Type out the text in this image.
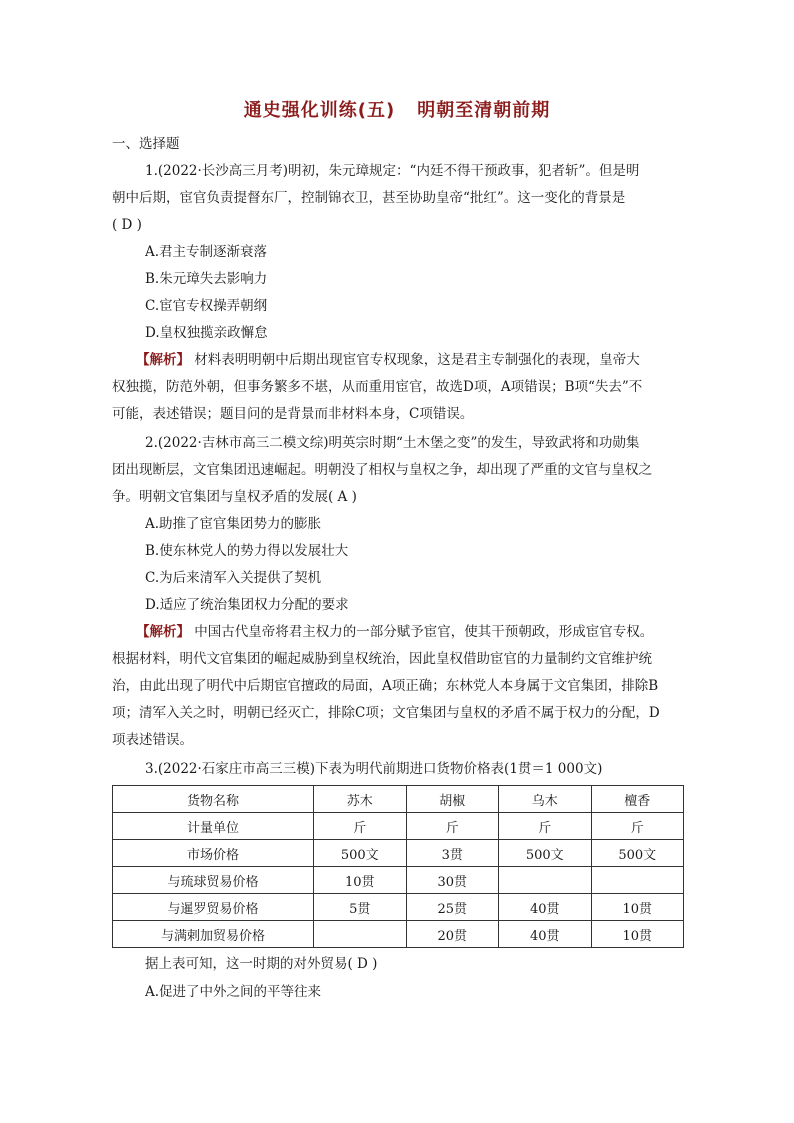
通史强化训练(五) 明朝至清朝前期
一、选择题
1.(2022·长沙高三月考)明初，朱元璋规定：“内廷不得干预政事，犯者斩”。但是明
朝中后期，宦官负责提督东厂，控制锦衣卫，甚至协助皇帝“批红”。这一变化的背景是
( D )
A.君主专制逐渐衰落
B.朱元璋失去影响力
C.宦官专权操弄朝纲
D.皇权独揽亲政懈怠
【解析】 材料表明明朝中后期出现宦官专权现象，这是君主专制强化的表现，皇帝大
权独揽，防范外朝，但事务繁多不堪，从而重用宦官，故选D项，A项错误；B项“失去”不
可能，表述错误；题目问的是背景而非材料本身，C项错误。
2.(2022·吉林市高三二模文综)明英宗时期“土木堡之变”的发生，导致武将和功勋集
团出现断层，文官集团迅速崛起。明朝没了相权与皇权之争，却出现了严重的文官与皇权之
争。明朝文官集团与皇权矛盾的发展( A )
A.助推了宦官集团势力的膨胀
B.使东林党人的势力得以发展壮大
C.为后来清军入关提供了契机
D.适应了统治集团权力分配的要求
【解析】 中国古代皇帝将君主权力的一部分赋予宦官，使其干预朝政，形成宦官专权。
根据材料，明代文官集团的崛起威胁到皇权统治，因此皇权借助宦官的力量制约文官维护统
治，由此出现了明代中后期宦官擅政的局面，A项正确；东林党人本身属于文官集团，排除B
项；清军入关之时，明朝已经灭亡，排除C项；文官集团与皇权的矛盾不属于权力的分配，D
项表述错误。
3.(2022·石家庄市高三三模)下表为明代前期进口货物价格表(1贯＝1 000文)
货物名称	苏木	胡椒	乌木	檀香
计量单位	斤	斤	斤	斤
市场价格	500文	3贯	500文	500文
与琉球贸易价格	10贯	30贯		
与暹罗贸易价格	5贯	25贯	40贯	10贯
与满剌加贸易价格		20贯	40贯	10贯
据上表可知，这一时期的对外贸易( D )
A.促进了中外之间的平等往来
